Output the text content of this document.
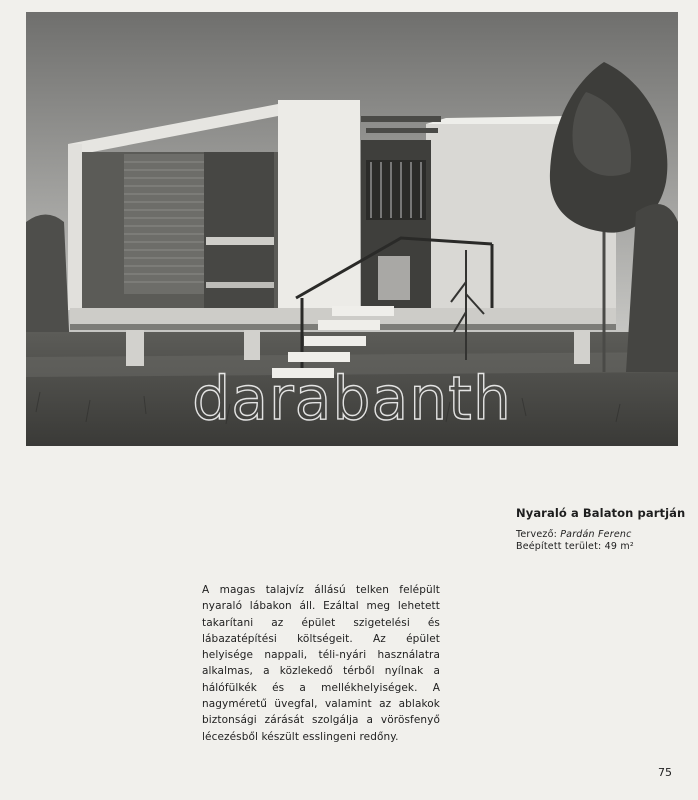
darabanth
Nyaraló a Balaton partján
Tervező: Pardán Ferenc
Beépített terület: 49 m²
A magas talajvíz állású telken felépült nyaraló lábakon áll. Ezáltal meg lehetett takarítani az épület szigetelési és lábazatépítési költségeit. Az épület helyisége nappali, téli-nyári használatra alkalmas, a közlekedő térből nyílnak a hálófülkék és a mellékhelyiségek. A nagyméretű üvegfal, valamint az ablakok biztonsági zárását szolgálja a vörösfenyő lécezésből készült esslingeni redőny.
75
